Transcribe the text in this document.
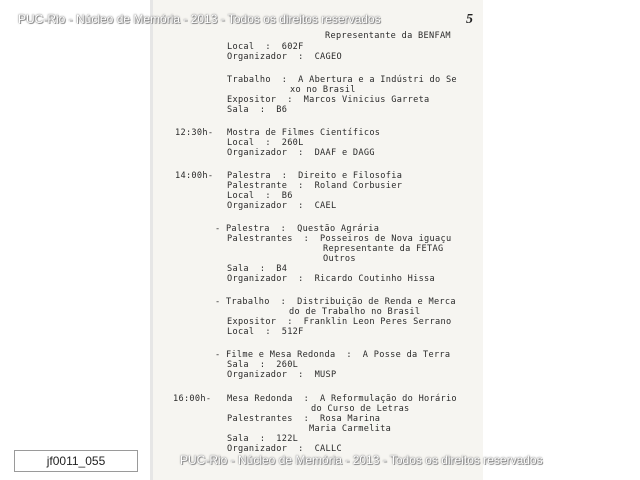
PUC-Rio - Núcleo de Memória - 2013 - Todos os direitos reservados	5
Representante da BENFAM
Local  :  602F
Organizador  :  CAGEO
Trabalho  :  A Abertura e a Indústri do Se
xo no Brasil
Expositor  :  Marcos Vinicius Garreta
Sala  :  B6
12:30h- Mostra de Filmes Científicos
Local  :  260L
Organizador  :  DAAF e DAGG
14:00h- Palestra  :  Direito e Filosofia
Palestrante  :  Roland Corbusier
Local  :  B6
Organizador  :  CAEL
- Palestra  :  Questão Agrária
Palestrantes  :  Posseiros de Nova iguaçu
Representante da FETAG
Outros
Sala  :  B4
Organizador  :  Ricardo Coutinho Hissa
- Trabalho  :  Distribuição de Renda e Merca
do de Trabalho no Brasil
Expositor  :  Franklin Leon Peres Serrano
Local  :  512F
- Filme e Mesa Redonda  :  A Posse da Terra
Sala  :  260L
Organizador  :  MUSP
16:00h- Mesa Redonda  :  A Reformulação do Horário
do Curso de Letras
Palestrantes  :  Rosa Marina
Maria Carmelita
Sala  :  122L
Organizador  :  CALLC
PUC-Rio - Núcleo de Memória - 2013 - Todos os direitos reservados
jf0011_055
